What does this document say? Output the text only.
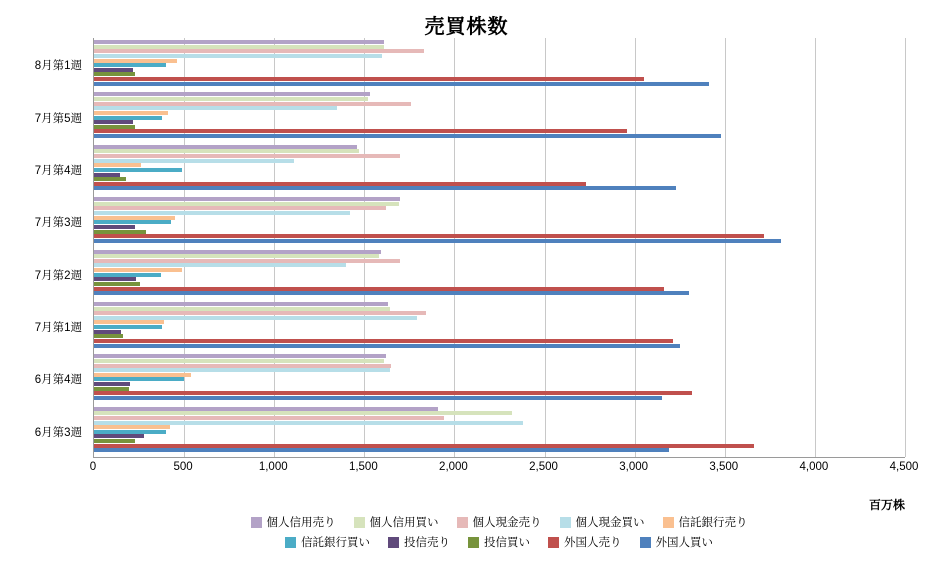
売買株数
8月第1週
7月第5週
7月第4週
7月第3週
7月第2週
7月第1週
6月第4週
6月第3週
0	500	1,000	1,500	2,000	2,500	3,000	3,500	4,000	4,500
百万株
個人信用売り	個人信用買い	個人現金売り	個人現金買い	信託銀行売り
信託銀行買い	投信売り	投信買い	外国人売り	外国人買い
